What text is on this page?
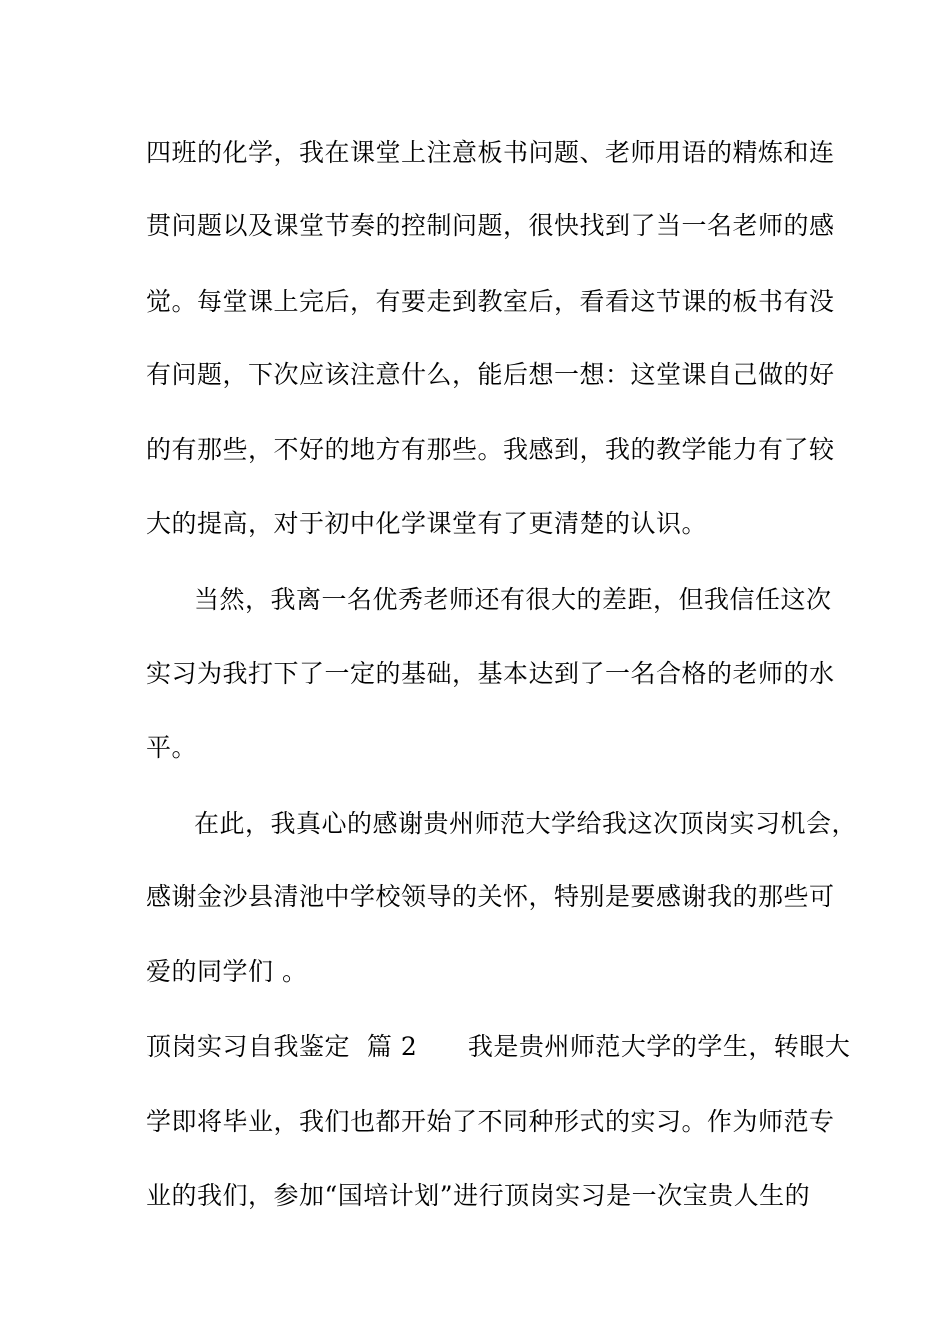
四班的化学，我在课堂上注意板书问题、老师用语的精炼和连
贯问题以及课堂节奏的控制问题，很快找到了当一名老师的感
觉。每堂课上完后，有要走到教室后，看看这节课的板书有没
有问题，下次应该注意什么，能后想一想：这堂课自己做的好
的有那些，不好的地方有那些。我感到，我的教学能力有了较
大的提高，对于初中化学课堂有了更清楚的认识。
当然，我离一名优秀老师还有很大的差距，但我信任这次
实习为我打下了一定的基础，基本达到了一名合格的老师的水
平。
在此，我真心的感谢贵州师范大学给我这次顶岗实习机会，
感谢金沙县清池中学校领导的关怀，特别是要感谢我的那些可
爱的同学们 。
顶岗实习自我鉴定  篇 2      我是贵州师范大学的学生，转眼大
学即将毕业，我们也都开始了不同种形式的实习。作为师范专
业的我们，参加“国培计划”进行顶岗实习是一次宝贵人生的
